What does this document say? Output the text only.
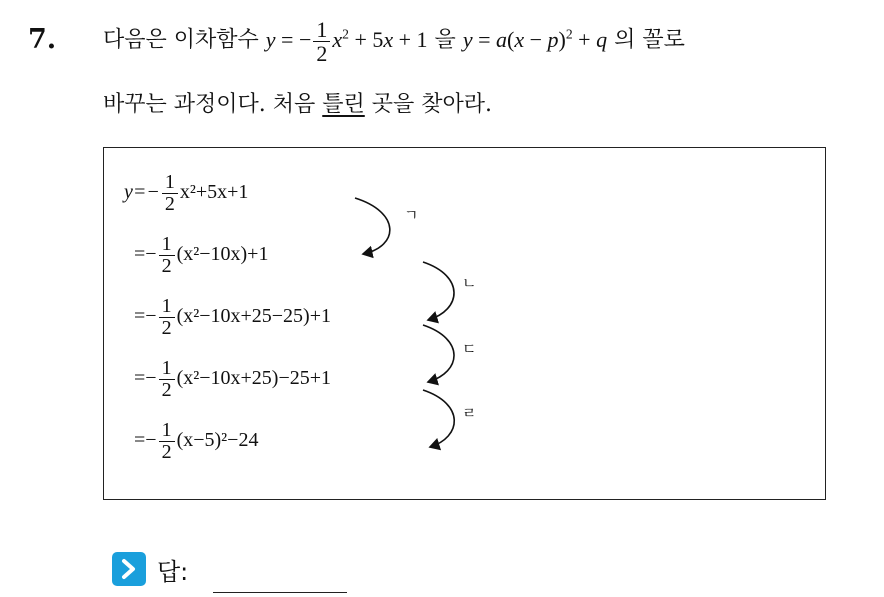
7. 다음은 이차함수 y = − $\frac{1}{2} x^2 + 5x + 1$ 을 $y = a(x - p)^2 + q$ 의 꼴로
바꾸는 과정이다. 처음 틀린 곳을 찾아라.
$y=- \frac{1}{2} x^2+5x+1$
=− $\frac{1}{2} (x^2-10x)+1$
=− $\frac{1}{2} (x^2-10x+25-25)+1$
=− $\frac{1}{2} (x^2-10x+25)-25+1$
=− $\frac{1}{2} (x-5)^2-24$
ㄱ
ㄴ
ㄷ
ㄹ
답:
